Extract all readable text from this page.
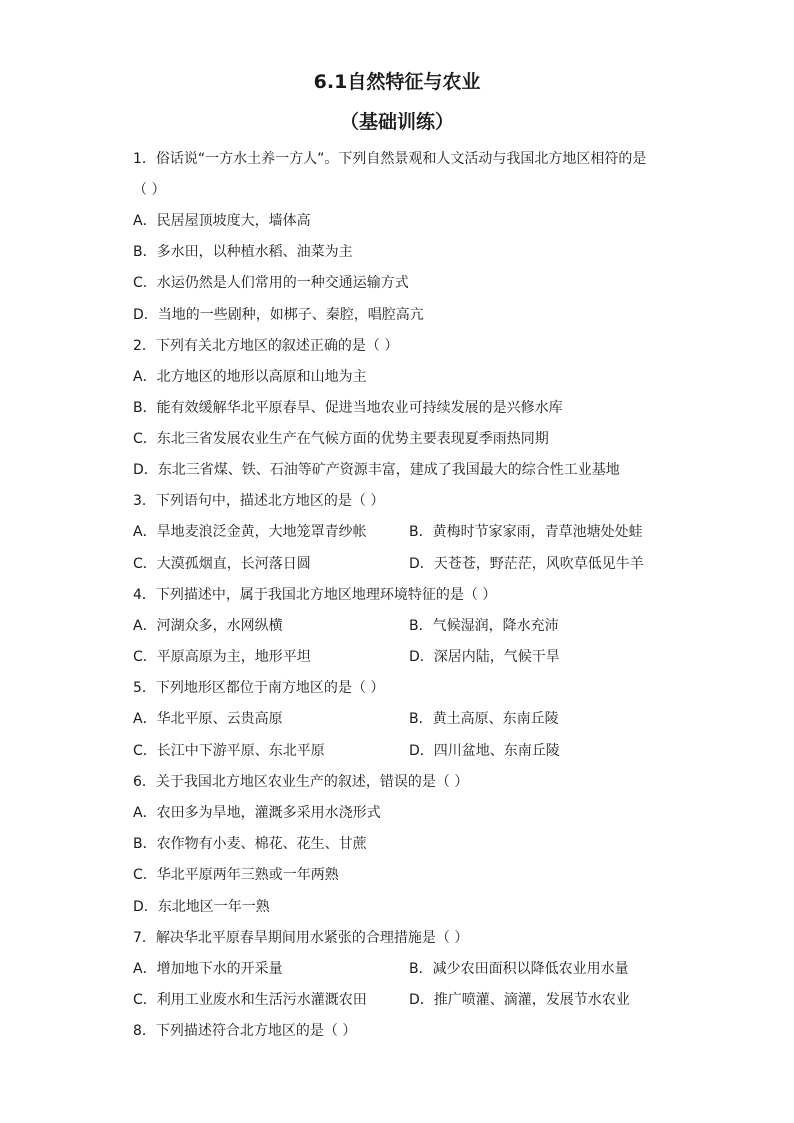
6.1自然特征与农业
（基础训练）
1．俗话说“一方水土养一方人”。下列自然景观和人文活动与我国北方地区相符的是
（ ）
A．民居屋顶坡度大，墙体高
B．多水田，以种植水稻、油菜为主
C．水运仍然是人们常用的一种交通运输方式
D．当地的一些剧种，如梆子、秦腔，唱腔高亢
2．下列有关北方地区的叙述正确的是（ ）
A．北方地区的地形以高原和山地为主
B．能有效缓解华北平原春旱、促进当地农业可持续发展的是兴修水库
C．东北三省发展农业生产在气候方面的优势主要表现夏季雨热同期
D．东北三省煤、铁、石油等矿产资源丰富，建成了我国最大的综合性工业基地
3．下列语句中，描述北方地区的是（ ）
A．旱地麦浪泛金黄，大地笼罩青纱帐	B．黄梅时节家家雨，青草池塘处处蛙
C．大漠孤烟直，长河落日圆	D．天苍苍，野茫茫，风吹草低见牛羊
4．下列描述中，属于我国北方地区地理环境特征的是（ ）
A．河湖众多，水网纵横	B．气候湿润，降水充沛
C．平原高原为主，地形平坦	D．深居内陆，气候干旱
5．下列地形区都位于南方地区的是（ ）
A．华北平原、云贵高原	B．黄土高原、东南丘陵
C．长江中下游平原、东北平原	D．四川盆地、东南丘陵
6．关于我国北方地区农业生产的叙述，错误的是（ ）
A．农田多为旱地，灌溉多采用水浇形式
B．农作物有小麦、棉花、花生、甘蔗
C．华北平原两年三熟或一年两熟
D．东北地区一年一熟
7．解决华北平原春旱期间用水紧张的合理措施是（ ）
A．增加地下水的开采量	B．减少农田面积以降低农业用水量
C．利用工业废水和生活污水灌溉农田	D．推广喷灌、滴灌，发展节水农业
8．下列描述符合北方地区的是（ ）
